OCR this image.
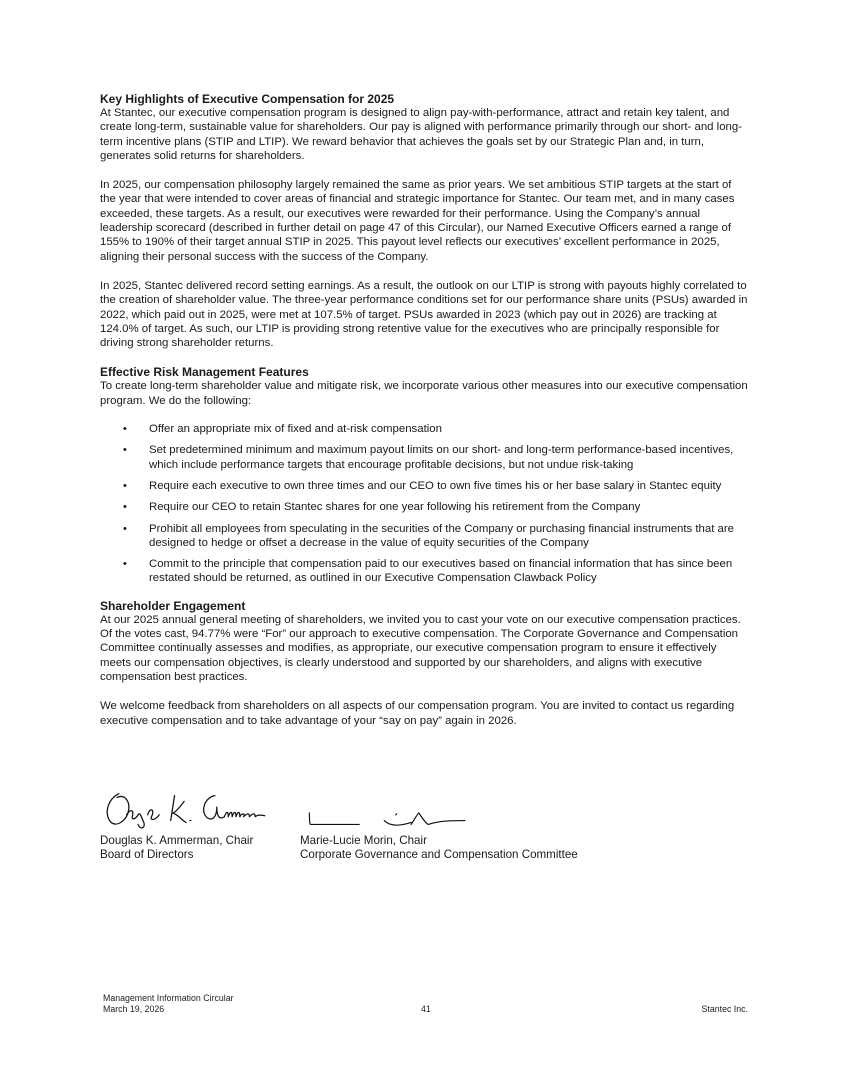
Key Highlights of Executive Compensation for 2025

At Stantec, our executive compensation program is designed to align pay-with-performance, attract and retain key talent, and create long-term, sustainable value for shareholders. Our pay is aligned with performance primarily through our short- and long-term incentive plans (STIP and LTIP). We reward behavior that achieves the goals set by our Strategic Plan and, in turn, generates solid returns for shareholders.

In 2025, our compensation philosophy largely remained the same as prior years. We set ambitious STIP targets at the start of the year that were intended to cover areas of financial and strategic importance for Stantec. Our team met, and in many cases exceeded, these targets. As a result, our executives were rewarded for their performance. Using the Company’s annual leadership scorecard (described in further detail on page 47 of this Circular), our Named Executive Officers earned a range of 155% to 190% of their target annual STIP in 2025. This payout level reflects our executives’ excellent performance in 2025, aligning their personal success with the success of the Company.

In 2025, Stantec delivered record setting earnings. As a result, the outlook on our LTIP is strong with payouts highly correlated to the creation of shareholder value. The three-year performance conditions set for our performance share units (PSUs) awarded in 2022, which paid out in 2025, were met at 107.5% of target. PSUs awarded in 2023 (which pay out in 2026) are tracking at 124.0% of target. As such, our LTIP is providing strong retentive value for the executives who are principally responsible for driving strong shareholder returns.

Effective Risk Management Features

To create long-term shareholder value and mitigate risk, we incorporate various other measures into our executive compensation program. We do the following:

• Offer an appropriate mix of fixed and at-risk compensation
• Set predetermined minimum and maximum payout limits on our short- and long-term performance-based incentives, which include performance targets that encourage profitable decisions, but not undue risk-taking
• Require each executive to own three times and our CEO to own five times his or her base salary in Stantec equity
• Require our CEO to retain Stantec shares for one year following his retirement from the Company
• Prohibit all employees from speculating in the securities of the Company or purchasing financial instruments that are designed to hedge or offset a decrease in the value of equity securities of the Company
• Commit to the principle that compensation paid to our executives based on financial information that has since been restated should be returned, as outlined in our Executive Compensation Clawback Policy
Shareholder Engagement

At our 2025 annual general meeting of shareholders, we invited you to cast your vote on our executive compensation practices. Of the votes cast, 94.77% were “For” our approach to executive compensation. The Corporate Governance and Compensation Committee continually assesses and modifies, as appropriate, our executive compensation program to ensure it effectively meets our compensation objectives, is clearly understood and supported by our shareholders, and aligns with executive compensation best practices.

We welcome feedback from shareholders on all aspects of our compensation program. You are invited to contact us regarding executive compensation and to take advantage of your “say on pay” again in 2026.

Douglas K. Ammerman, Chair

Board of Directors

Marie-Lucie Morin, Chair

Corporate Governance and Compensation Committee

Management Information Circular
March 19, 2026	41	Stantec Inc.
